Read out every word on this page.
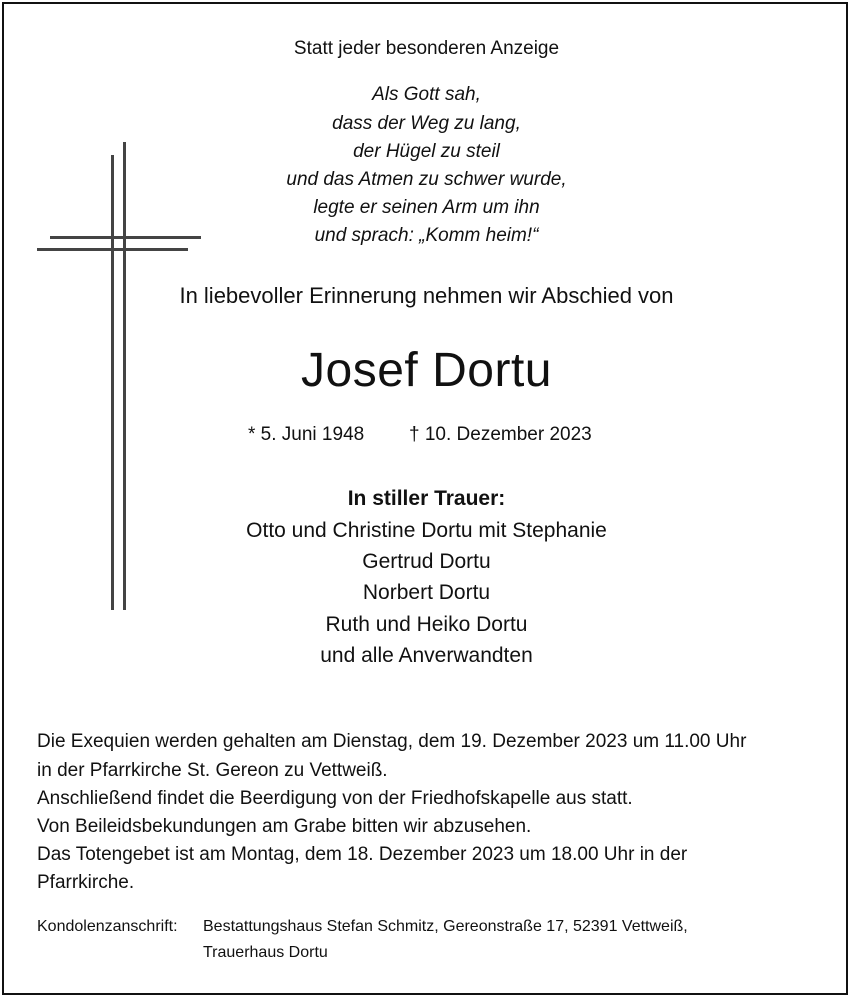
Statt jeder besonderen Anzeige
Als Gott sah,
dass der Weg zu lang,
der Hügel zu steil
und das Atmen zu schwer wurde,
legte er seinen Arm um ihn
und sprach: „Komm heim!“
In liebevoller Erinnerung nehmen wir Abschied von
Josef Dortu
* 5. Juni 1948 † 10. Dezember 2023
In stiller Trauer:
Otto und Christine Dortu mit Stephanie
Gertrud Dortu
Norbert Dortu
Ruth und Heiko Dortu
und alle Anverwandten
Die Exequien werden gehalten am Dienstag, dem 19. Dezember 2023 um 11.00 Uhr
in der Pfarrkirche St. Gereon zu Vettweiß.
Anschließend findet die Beerdigung von der Friedhofskapelle aus statt.
Von Beileidsbekundungen am Grabe bitten wir abzusehen.
Das Totengebet ist am Montag, dem 18. Dezember 2023 um 18.00 Uhr in der
Pfarrkirche.
Kondolenzanschrift: Bestattungshaus Stefan Schmitz, Gereonstraße 17, 52391 Vettweiß,
Trauerhaus Dortu
